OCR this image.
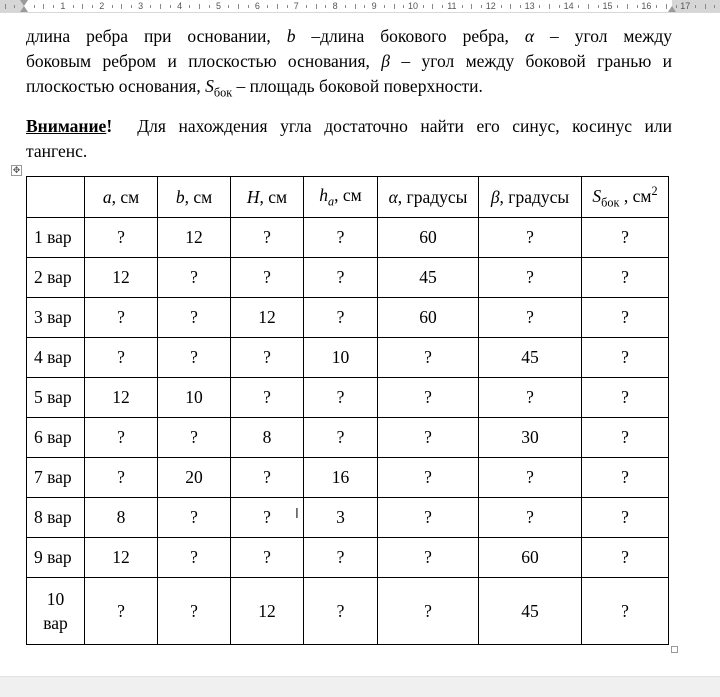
1	2	3	4	5	6	7	8	9	10	11	12	13	14	15	16	17
длина ребра при основании, b –длина бокового ребра, α – угол между
боковым ребром и плоскостью основания, β – угол между боковой гранью и
плоскостью основания, $S_{бок}$ – площадь боковой поверхности.
Внимание!  Для нахождения угла достаточно найти его синус, косинус или
тангенс.
✥
	a, см	b, см	H, см	$h_a$, см	α, градусы	β, градусы	$S_{бок}$ , $см^2$
1 вар	?	12	?	?	60	?	?
2 вар	12	?	?	?	45	?	?
3 вар	?	?	12	?	60	?	?
4 вар	?	?	?	10	?	45	?
5 вар	12	10	?	?	?	?	?
6 вар	?	?	8	?	?	30	?
7 вар	?	20	?	16	?	?	?
8 вар	8	?	?	3	?	?	?
9 вар	12	?	?	?	?	60	?

10
вар	?	?	12	?	?	45	?
I
